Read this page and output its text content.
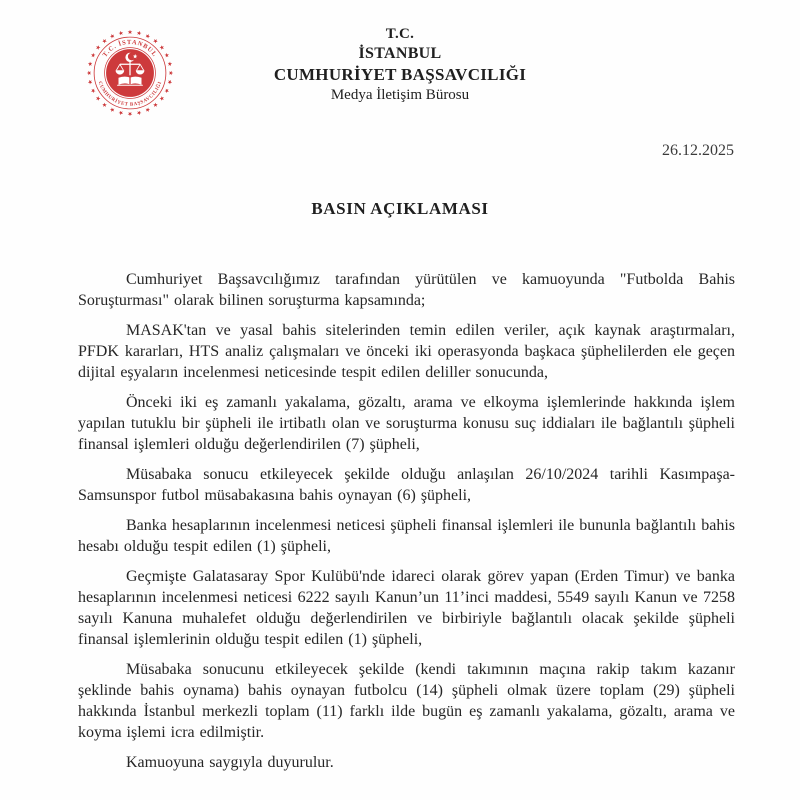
T.C. İSTANBUL
CUMHURİYET BAŞSAVCILIĞI
T.C.
İSTANBUL
CUMHURİYET BAŞSAVCILIĞI
Medya İletişim Bürosu
26.12.2025
BASIN AÇIKLAMASI

Cumhuriyet Başsavcılığımız tarafından yürütülen ve kamuoyunda "Futbolda Bahis Soruşturması" olarak bilinen soruşturma kapsamında;

MASAK'tan ve yasal bahis sitelerinden temin edilen veriler, açık kaynak araştırmaları, PFDK kararları, HTS analiz çalışmaları ve önceki iki operasyonda başkaca şüphelilerden ele geçen dijital eşyaların incelenmesi neticesinde tespit edilen deliller sonucunda,

Önceki iki eş zamanlı yakalama, gözaltı, arama ve elkoyma işlemlerinde hakkında işlem yapılan tutuklu bir şüpheli ile irtibatlı olan ve soruşturma konusu suç iddiaları ile bağlantılı şüpheli finansal işlemleri olduğu değerlendirilen (7) şüpheli,

Müsabaka sonucu etkileyecek şekilde olduğu anlaşılan 26/10/2024 tarihli Kasımpaşa-Samsunspor futbol müsabakasına bahis oynayan (6) şüpheli,

Banka hesaplarının incelenmesi neticesi şüpheli finansal işlemleri ile bununla bağlantılı bahis hesabı olduğu tespit edilen (1) şüpheli,

Geçmişte Galatasaray Spor Kulübü'nde idareci olarak görev yapan (Erden Timur) ve banka hesaplarının incelenmesi neticesi 6222 sayılı Kanun’un 11’inci maddesi, 5549 sayılı Kanun ve 7258 sayılı Kanuna muhalefet olduğu değerlendirilen ve birbiriyle bağlantılı olacak şekilde şüpheli finansal işlemlerinin olduğu tespit edilen (1) şüpheli,

Müsabaka sonucunu etkileyecek şekilde (kendi takımının maçına rakip takım kazanır şeklinde bahis oynama) bahis oynayan futbolcu (14) şüpheli olmak üzere toplam (29) şüpheli hakkında İstanbul merkezli toplam (11) farklı ilde bugün eş zamanlı yakalama, gözaltı, arama ve koyma işlemi icra edilmiştir.

Kamuoyuna saygıyla duyurulur.
